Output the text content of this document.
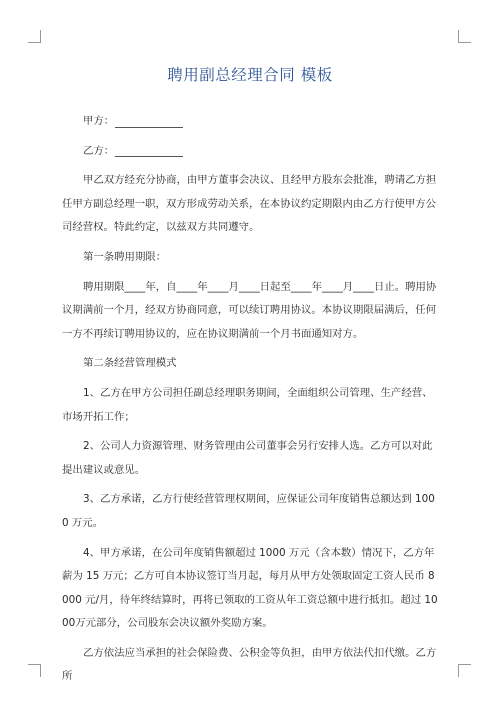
聘用副总经理合同 模板
甲方：
乙方：

甲乙双方经充分协商，由甲方董事会决议、且经甲方股东会批准，聘请乙方担任甲方副总经理一职，双方形成劳动关系，在本协议约定期限内由乙方行使甲方公司经营权。特此约定，以兹双方共同遵守。

第一条聘用期限：

聘用期限____年，自____年____月____日起至____年____月____日止。聘用协议期满前一个月，经双方协商同意，可以续订聘用协议。本协议期限届满后，任何一方不再续订聘用协议的，应在协议期满前一个月书面通知对方。

第二条经营管理模式

1、乙方在甲方公司担任副总经理职务期间，全面组织公司管理、生产经营、市场开拓工作；

2、公司人力资源管理、财务管理由公司董事会另行安排人选。乙方可以对此提出建议或意见。

3、乙方承诺，乙方行使经营管理权期间，应保证公司年度销售总额达到 1000 万元。

4、甲方承诺，在公司年度销售额超过 1000 万元（含本数）情况下，乙方年薪为 15 万元；乙方可自本协议签订当月起，每月从甲方处领取固定工资人民币 8000 元/月，待年终结算时，再将已领取的工资从年工资总额中进行抵扣。超过 1000万元部分，公司股东会决议额外奖励方案。

乙方依法应当承担的社会保险费、公积金等负担，由甲方依法代扣代缴。乙方所
